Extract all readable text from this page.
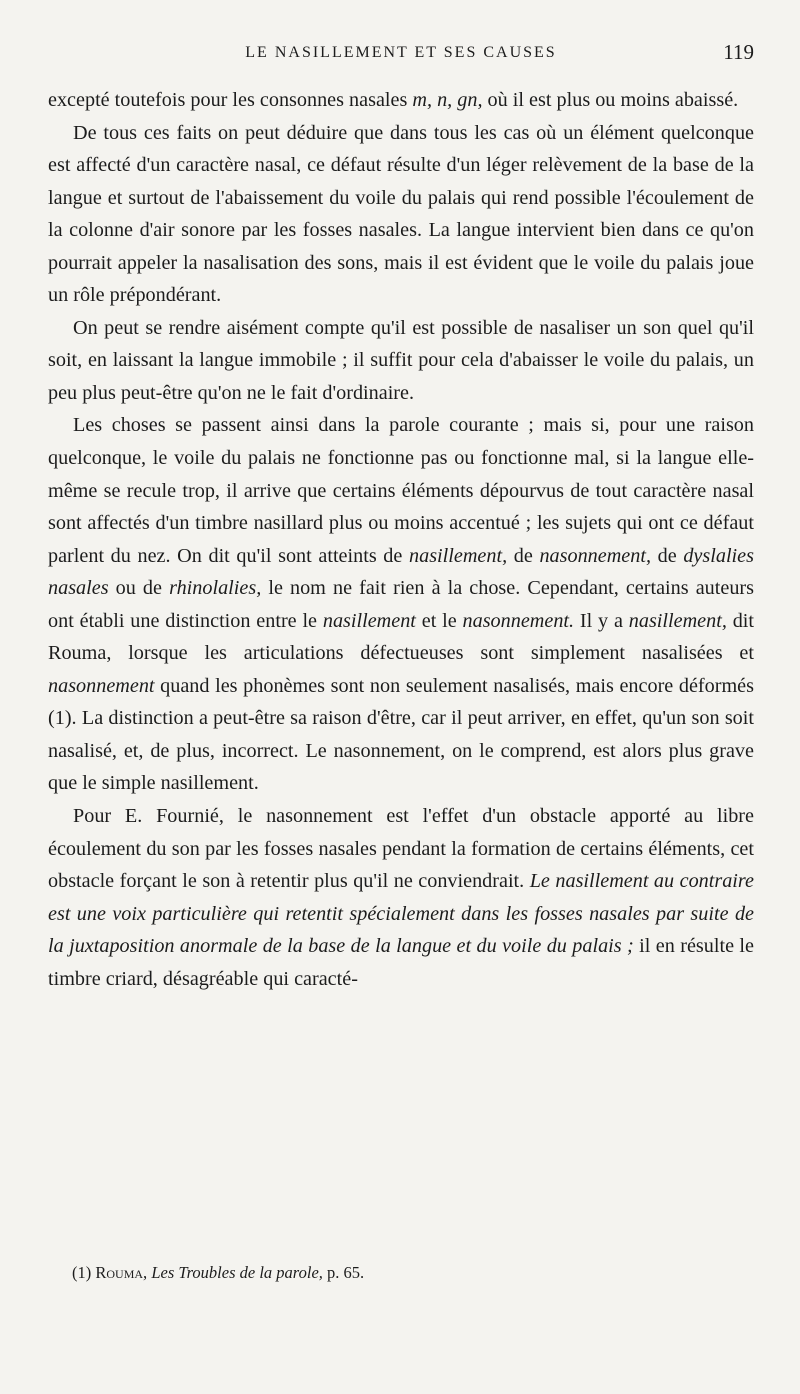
LE NASILLEMENT ET SES CAUSES	119

excepté toutefois pour les consonnes nasales m, n, gn, où il est plus ou moins abaissé.

De tous ces faits on peut déduire que dans tous les cas où un élément quelconque est affecté d'un caractère nasal, ce défaut résulte d'un léger relèvement de la base de la langue et surtout de l'abaissement du voile du palais qui rend possible l'écoulement de la colonne d'air sonore par les fosses nasales. La langue intervient bien dans ce qu'on pourrait appeler la nasalisation des sons, mais il est évident que le voile du palais joue un rôle prépondérant.

On peut se rendre aisément compte qu'il est possible de nasaliser un son quel qu'il soit, en laissant la langue immobile ; il suffit pour cela d'abaisser le voile du palais, un peu plus peut-être qu'on ne le fait d'ordinaire.

Les choses se passent ainsi dans la parole courante ; mais si, pour une raison quelconque, le voile du palais ne fonctionne pas ou fonctionne mal, si la langue elle-même se recule trop, il arrive que certains éléments dépourvus de tout caractère nasal sont affectés d'un timbre nasillard plus ou moins accentué ; les sujets qui ont ce défaut parlent du nez. On dit qu'il sont atteints de nasillement, de nasonnement, de dyslalies nasales ou de rhinolalies, le nom ne fait rien à la chose. Cependant, certains auteurs ont établi une distinction entre le nasillement et le nasonnement. Il y a nasillement, dit Rouma, lorsque les articulations défectueuses sont simplement nasalisées et nasonnement quand les phonèmes sont non seulement nasalisés, mais encore déformés (1). La distinction a peut-être sa raison d'être, car il peut arriver, en effet, qu'un son soit nasalisé, et, de plus, incorrect. Le nasonnement, on le comprend, est alors plus grave que le simple nasillement.

Pour E. Fournié, le nasonnement est l'effet d'un obstacle apporté au libre écoulement du son par les fosses nasales pendant la formation de certains éléments, cet obstacle forçant le son à retentir plus qu'il ne conviendrait. Le nasillement au contraire est une voix particulière qui retentit spécialement dans les fosses nasales par suite de la juxtaposition anormale de la base de la langue et du voile du palais ; il en résulte le timbre criard, désagréable qui caracté-

(1) Rouma, Les Troubles de la parole, p. 65.
